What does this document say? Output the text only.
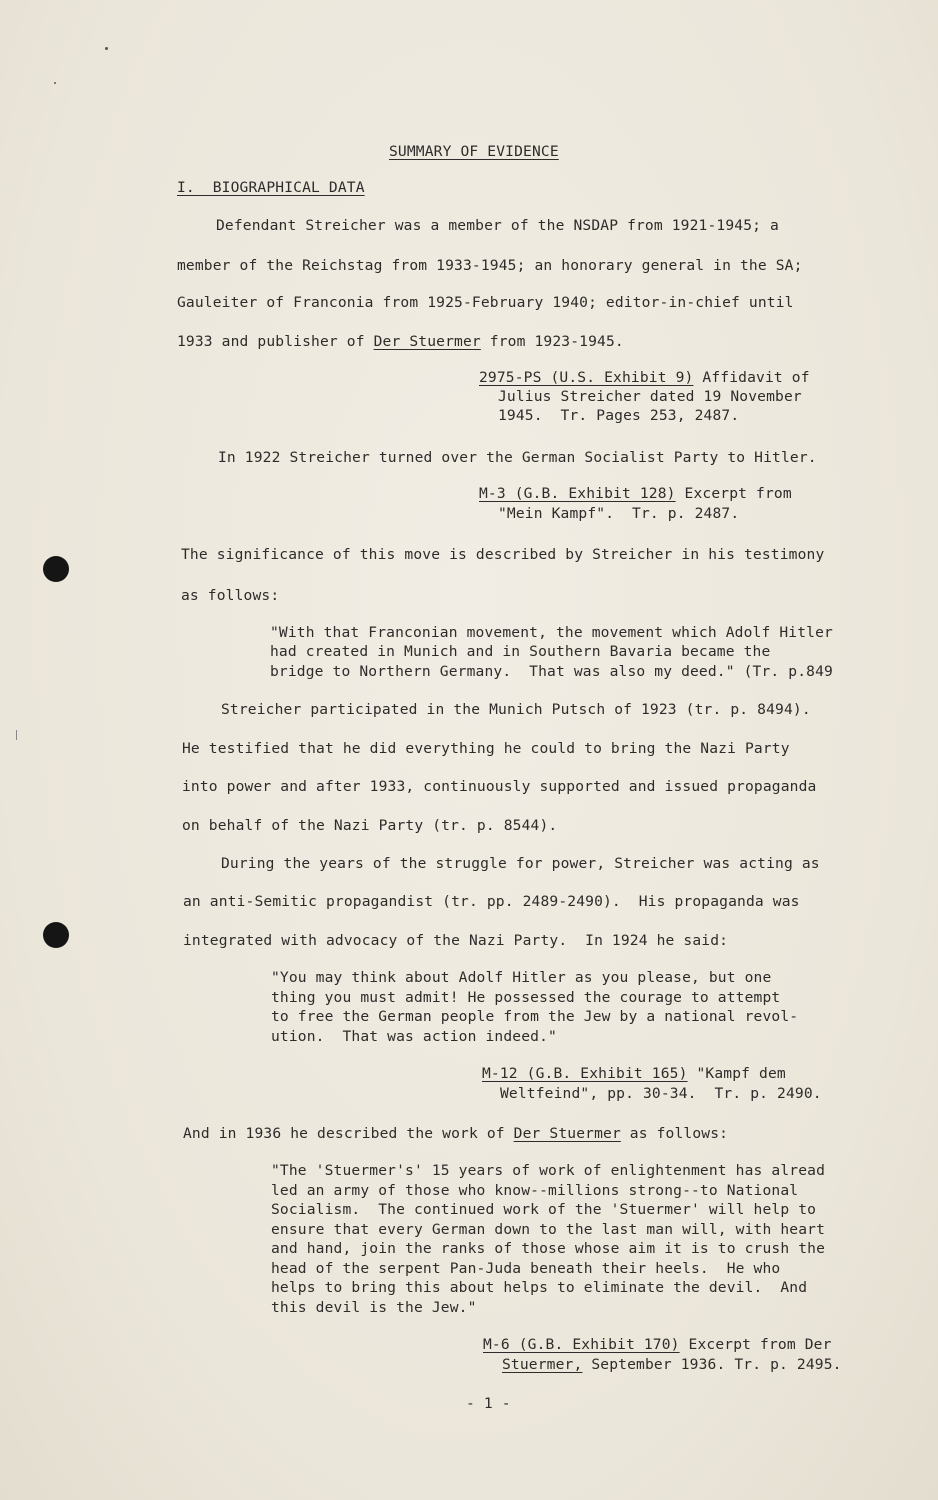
SUMMARY OF EVIDENCE
I.  BIOGRAPHICAL DATA
Defendant Streicher was a member of the NSDAP from 1921-1945; a
member of the Reichstag from 1933-1945; an honorary general in the SA;
Gauleiter of Franconia from 1925-February 1940; editor-in-chief until
1933 and publisher of Der Stuermer from 1923-1945.
2975-PS (U.S. Exhibit 9) Affidavit of
Julius Streicher dated 19 November
1945.  Tr. Pages 253, 2487.
In 1922 Streicher turned over the German Socialist Party to Hitler.
M-3 (G.B. Exhibit 128) Excerpt from
"Mein Kampf".  Tr. p. 2487.
The significance of this move is described by Streicher in his testimony
as follows:
"With that Franconian movement, the movement which Adolf Hitler
had created in Munich and in Southern Bavaria became the
bridge to Northern Germany.  That was also my deed." (Tr. p.849
Streicher participated in the Munich Putsch of 1923 (tr. p. 8494).
He testified that he did everything he could to bring the Nazi Party
into power and after 1933, continuously supported and issued propaganda
on behalf of the Nazi Party (tr. p. 8544).
During the years of the struggle for power, Streicher was acting as
an anti-Semitic propagandist (tr. pp. 2489-2490).  His propaganda was
integrated with advocacy of the Nazi Party.  In 1924 he said:
"You may think about Adolf Hitler as you please, but one
thing you must admit! He possessed the courage to attempt
to free the German people from the Jew by a national revol-
ution.  That was action indeed."
M-12 (G.B. Exhibit 165) "Kampf dem
Weltfeind", pp. 30-34.  Tr. p. 2490.
And in 1936 he described the work of Der Stuermer as follows:
"The 'Stuermer's' 15 years of work of enlightenment has alread
led an army of those who know--millions strong--to National
Socialism.  The continued work of the 'Stuermer' will help to
ensure that every German down to the last man will, with heart
and hand, join the ranks of those whose aim it is to crush the
head of the serpent Pan-Juda beneath their heels.  He who
helps to bring this about helps to eliminate the devil.  And
this devil is the Jew."
M-6 (G.B. Exhibit 170) Excerpt from Der
Stuermer, September 1936. Tr. p. 2495.
- 1 -
